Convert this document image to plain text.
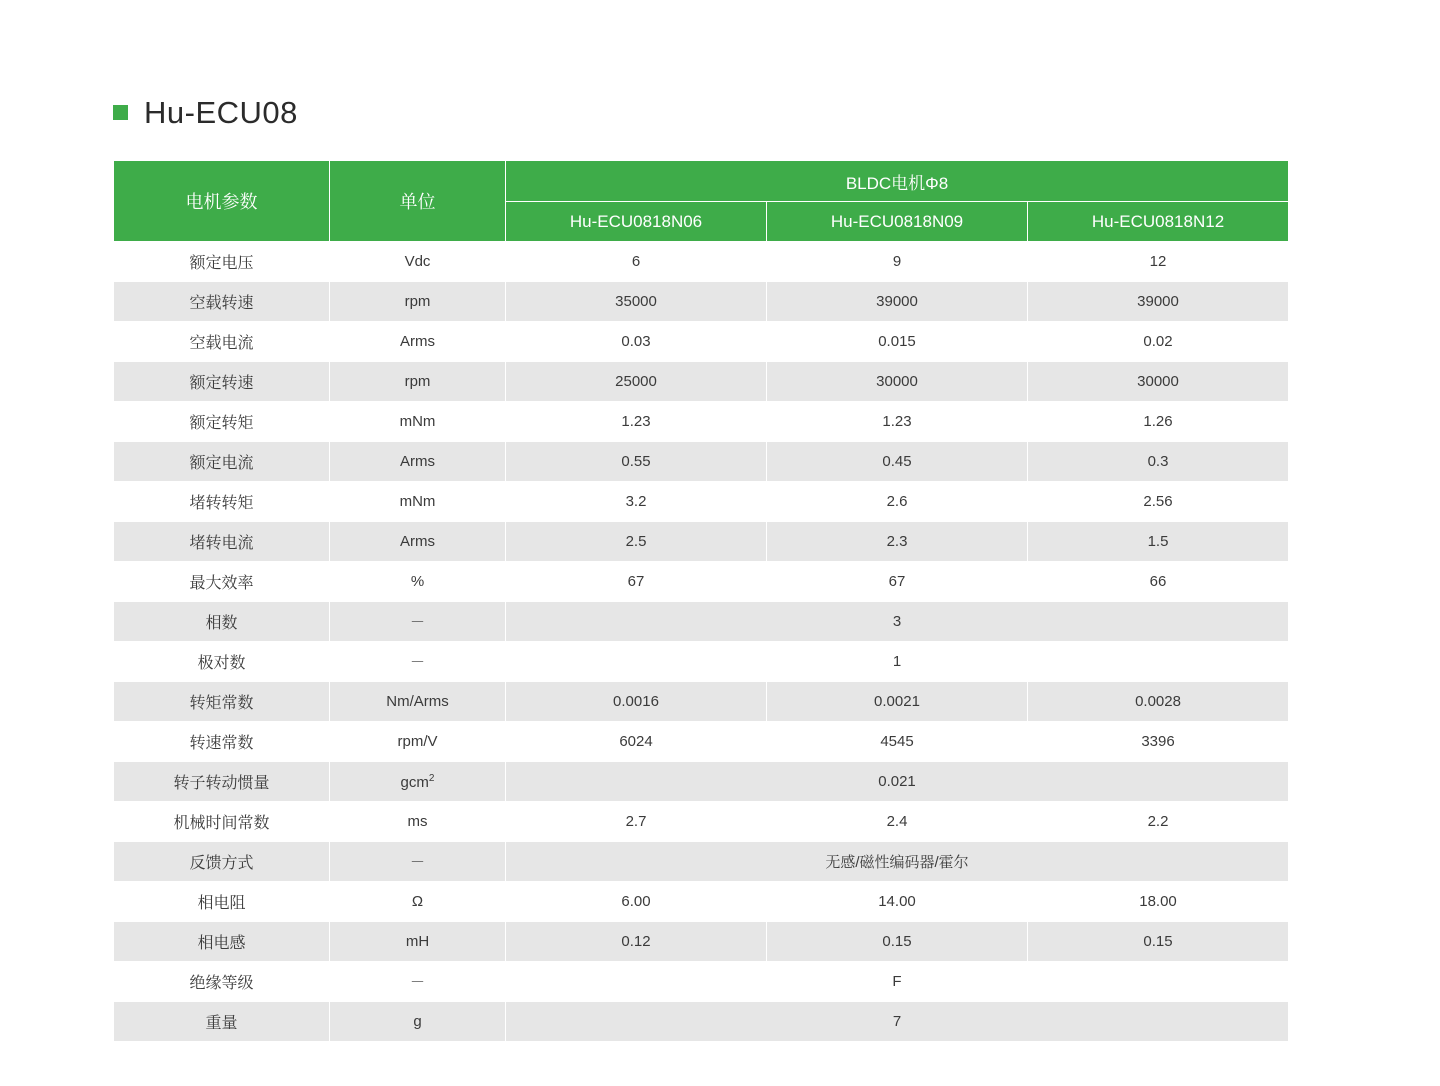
Hu-ECU08
电机参数	单位	BLDC电机Φ8		
		Hu-ECU0818N06	Hu-ECU0818N09	Hu-ECU0818N12
额定电压	Vdc	6	9	12
空载转速	rpm	35000	39000	39000
空载电流	Arms	0.03	0.015	0.02
额定转速	rpm	25000	30000	30000
额定转矩	mNm	1.23	1.23	1.26
额定电流	Arms	0.55	0.45	0.3
堵转转矩	mNm	3.2	2.6	2.56
堵转电流	Arms	2.5	2.3	1.5
最大效率	%	67	67	66
相数	－	3		
极对数	－	1		
转矩常数	Nm/Arms	0.0016	0.0021	0.0028
转速常数	rpm/V	6024	4545	3396
转子转动惯量	gcm$^2$	0.021		
机械时间常数	ms	2.7	2.4	2.2
反馈方式	－	无感/磁性编码器/霍尔		
相电阻	Ω	6.00	14.00	18.00
相电感	mH	0.12	0.15	0.15
绝缘等级	－	F		
重量	g	7		
